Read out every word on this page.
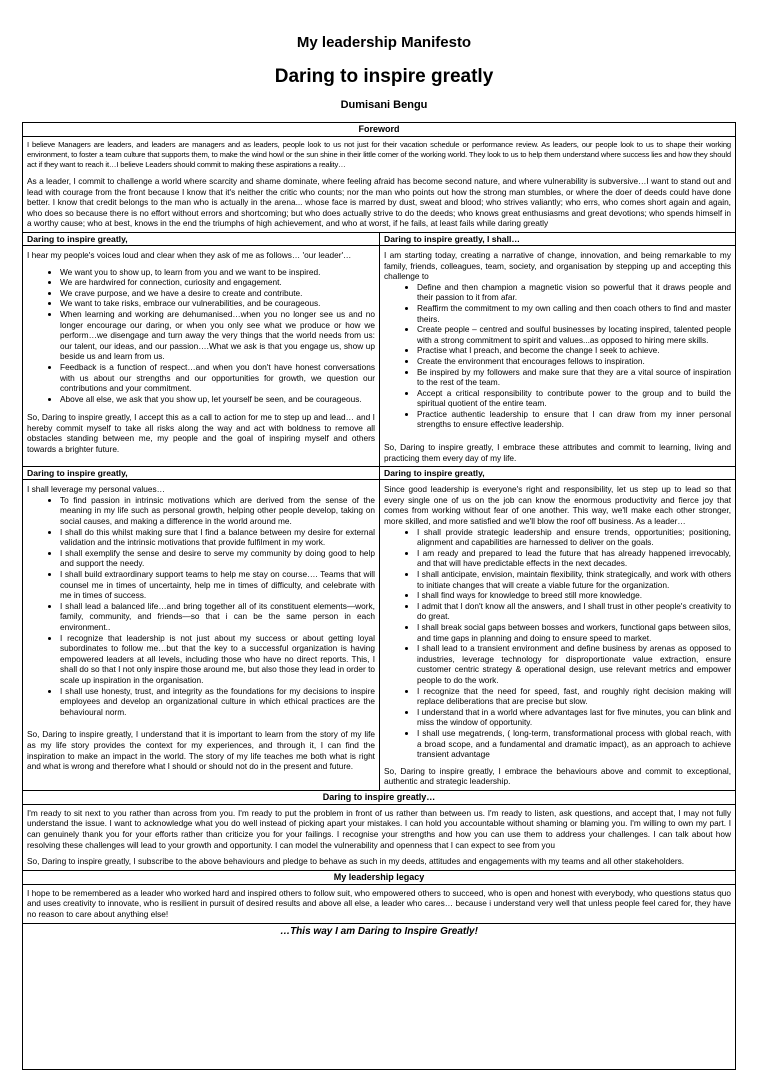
My leadership Manifesto
Daring to inspire greatly
Dumisani Bengu
Foreword

I believe Managers are leaders, and leaders are managers and as leaders, people look to us not just for their vacation schedule or performance review. As leaders, our people look to us to shape their working environment, to foster a team culture that supports them, to make the wind howl or the sun shine in their little corner of the working world. They look to us to help them understand where success lies and how they should act if they want to reach it…I believe Leaders should commit to making these aspirations a reality…

As a leader, I commit to challenge a world where scarcity and shame dominate, where feeling afraid has become second nature, and where vulnerability is subversive…I want to stand out and lead with courage from the front because I know that it's neither the critic who counts; nor the man who points out how the strong man stumbles, or where the doer of deeds could have done better. I know that credit belongs to the man who is actually in the arena... whose face is marred by dust, sweat and blood; who strives valiantly; who errs, who comes short again and again, who does so because there is no effort without errors and shortcoming; but who does actually strive to do the deeds; who knows great enthusiasms and great devotions; who spends himself in a worthy cause; who at best, knows in the end the triumphs of high achievement, and who at worst, if he fails, at least fails while daring greatly

Daring to inspire greatly,

I hear my people's voices loud and clear when they ask of me as follows… 'our leader'…

• We want you to show up, to learn from you and we want to be inspired.
• We are hardwired for connection, curiosity and engagement.
• We crave purpose, and we have a desire to create and contribute.
• We want to take risks, embrace our vulnerabilities, and be courageous.
• When learning and working are dehumanised…when you no longer see us and no longer encourage our daring, or when you only see what we produce or how we perform…we disengage and turn away the very things that the world needs from us: our talent, our ideas, and our passion….What we ask is that you engage us, show up beside us and learn from us.
• Feedback is a function of respect…and when you don't have honest conversations with us about our strengths and our opportunities for growth, we question our contributions and your commitment.
• Above all else, we ask that you show up, let yourself be seen, and be courageous.

So, Daring to inspire greatly, I accept this as a call to action for me to step up and lead… and I hereby commit myself to take all risks along the way and act with boldness to remove all obstacles standing between me, my people and the goal of inspiring myself and others towards a brighter future.

Daring to inspire greatly, I shall…

I am starting today, creating a narrative of change, innovation, and being remarkable to my family, friends, colleagues, team, society, and organisation by stepping up and accepting this challenge to

• Define and then champion a magnetic vision so powerful that it draws people and their passion to it from afar.
• Reaffirm the commitment to my own calling and then coach others to find and master theirs.
• Create people – centred and soulful businesses by locating inspired, talented people with a strong commitment to spirit and values...as opposed to hiring mere skills.
• Practise what I preach, and become the change I seek to achieve.
• Create the environment that encourages fellows to inspiration.
• Be inspired by my followers and make sure that they are a vital source of inspiration to the rest of the team.
• Accept a critical responsibility to contribute power to the group and to build the spiritual quotient of the entire team.
• Practice authentic leadership to ensure that I can draw from my inner personal strengths to ensure effective leadership.

So, Daring to inspire greatly, I embrace these attributes and commit to learning, living and practicing them every day of my life.

Daring to inspire greatly,

I shall leverage my personal values…

• To find passion in intrinsic motivations which are derived from the sense of the meaning in my life such as personal growth, helping other people develop, taking on social causes, and making a difference in the world around me.
• I shall do this whilst making sure that I find a balance between my desire for external validation and the intrinsic motivations that provide fulfilment in my work.
• I shall exemplify the sense and desire to serve my community by doing good to help and support the needy.
• I shall build extraordinary support teams to help me stay on course…. Teams that will counsel me in times of uncertainty, help me in times of difficulty, and celebrate with me in times of success.
• I shall lead a balanced life…and bring together all of its constituent elements—work, family, community, and friends—so that i can be the same person in each environment..
• I recognize that leadership is not just about my success or about getting loyal subordinates to follow me…but that the key to a successful organization is having empowered leaders at all levels, including those who have no direct reports. This, I shall do so that I not only inspire those around me, but also those they lead in order to scale up inspiration in the organisation.
• I shall use honesty, trust, and integrity as the foundations for my decisions to inspire employees and develop an organizational culture in which ethical practices are the behavioural norm.

So, Daring to inspire greatly, I understand that it is important to learn from the story of my life as my life story provides the context for my experiences, and through it, I can find the inspiration to make an impact in the world. The story of my life teaches me both what is right and what is wrong and therefore what I should or should not do in the present and future.

Daring to inspire greatly,

Since good leadership is everyone's right and responsibility, let us step up to lead so that every single one of us on the job can know the enormous productivity and fierce joy that comes from working without fear of one another. This way, we'll make each other stronger, more skilled, and more satisfied and we'll blow the roof off business. As a leader…

• I shall provide strategic leadership and ensure trends, opportunities; positioning, alignment and capabilities are harnessed to deliver on the goals.
• I am ready and prepared to lead the future that has already happened irrevocably, and that will have predictable effects in the next decades.
• I shall anticipate, envision, maintain flexibility, think strategically, and work with others to initiate changes that will create a viable future for the organization.
• I shall find ways for knowledge to breed still more knowledge.
• I admit that I don't know all the answers, and I shall trust in other people's creativity to do great.
• I shall break social gaps between bosses and workers, functional gaps between silos, and time gaps in planning and doing to ensure speed to market.
• I shall lead to a transient environment and define business by arenas as opposed to industries, leverage technology for disproportionate value extraction, ensure customer centric strategy & operational design, use relevant metrics and empower people to do the work.
• I recognize that the need for speed, fast, and roughly right decision making will replace deliberations that are precise but slow.
• I understand that in a world where advantages last for five minutes, you can blink and miss the window of opportunity.
• I shall use megatrends, ( long-term, transformational process with global reach, with a broad scope, and a fundamental and dramatic impact), as an approach to achieve transient advantage

So, Daring to inspire greatly, I embrace the behaviours above and commit to exceptional, authentic and strategic leadership.

Daring to inspire greatly…

I'm ready to sit next to you rather than across from you. I'm ready to put the problem in front of us rather than between us. I'm ready to listen, ask questions, and accept that, I may not fully understand the issue. I want to acknowledge what you do well instead of picking apart your mistakes. I can hold you accountable without shaming or blaming you. I'm willing to own my part. I can genuinely thank you for your efforts rather than criticize you for your failings. I recognise your strengths and how you can use them to address your challenges. I can talk about how resolving these challenges will lead to your growth and opportunity. I can model the vulnerability and openness that I can expect to see from you

So, Daring to inspire greatly, I subscribe to the above behaviours and pledge to behave as such in my deeds, attitudes and engagements with my teams and all other stakeholders.

My leadership legacy

I hope to be remembered as a leader who worked hard and inspired others to follow suit, who empowered others to succeed, who is open and honest with everybody, who questions status quo and uses creativity to innovate, who is resilient in pursuit of desired results and above all else, a leader who cares… because i understand very well that unless people feel cared for, they have no reason to care about anything else!

…This way I am Daring to Inspire Greatly!
